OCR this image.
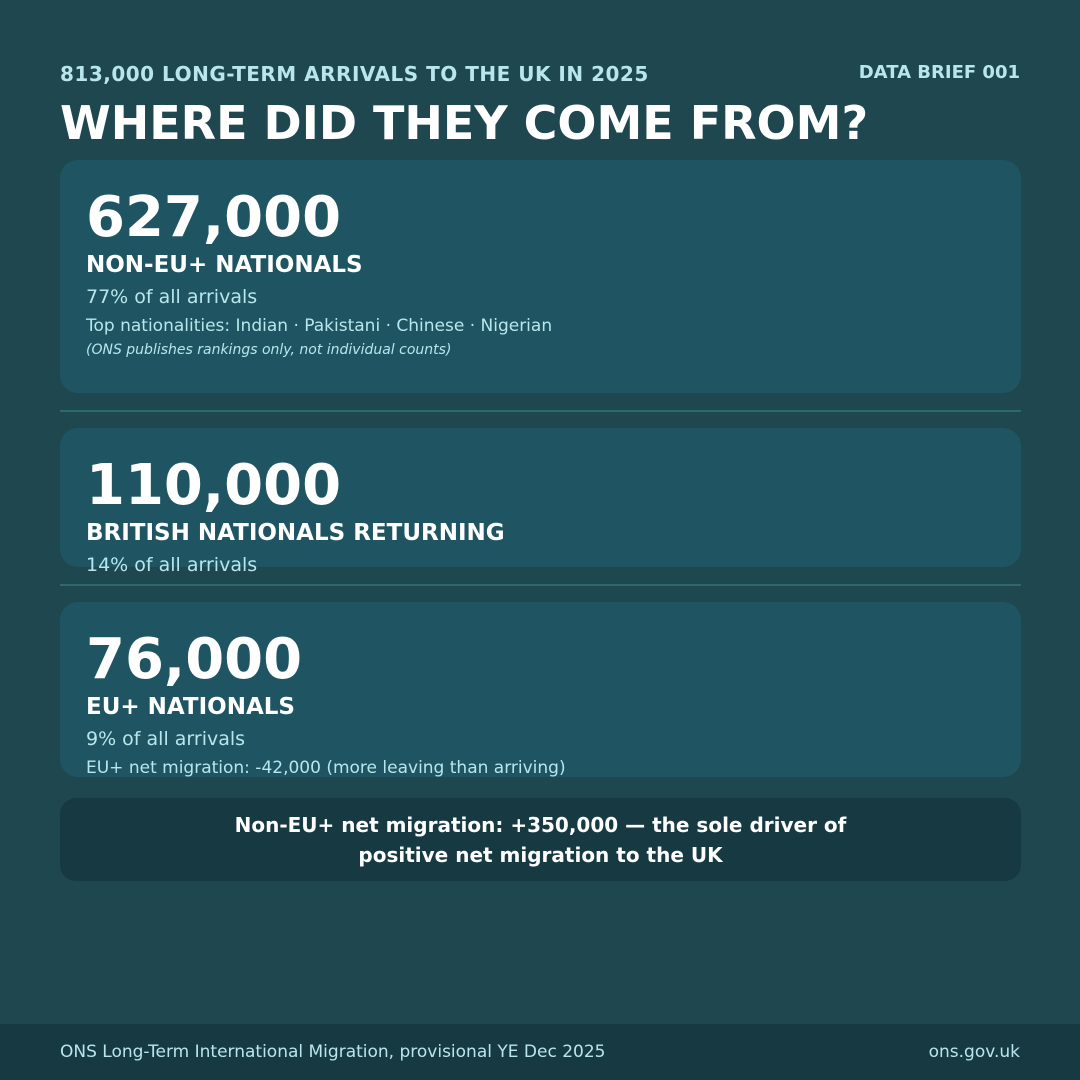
813,000 LONG-TERM ARRIVALS TO THE UK IN 2025	DATA BRIEF 001
WHERE DID THEY COME FROM?
627,000
NON-EU+ NATIONALS
77% of all arrivals
Top nationalities: Indian · Pakistani · Chinese · Nigerian
(ONS publishes rankings only, not individual counts)
110,000
BRITISH NATIONALS RETURNING
14% of all arrivals
76,000
EU+ NATIONALS
9% of all arrivals
EU+ net migration: -42,000 (more leaving than arriving)
Non-EU+ net migration: +350,000 — the sole driver of positive net migration to the UK
ONS Long-Term International Migration, provisional YE Dec 2025	ons.gov.uk
